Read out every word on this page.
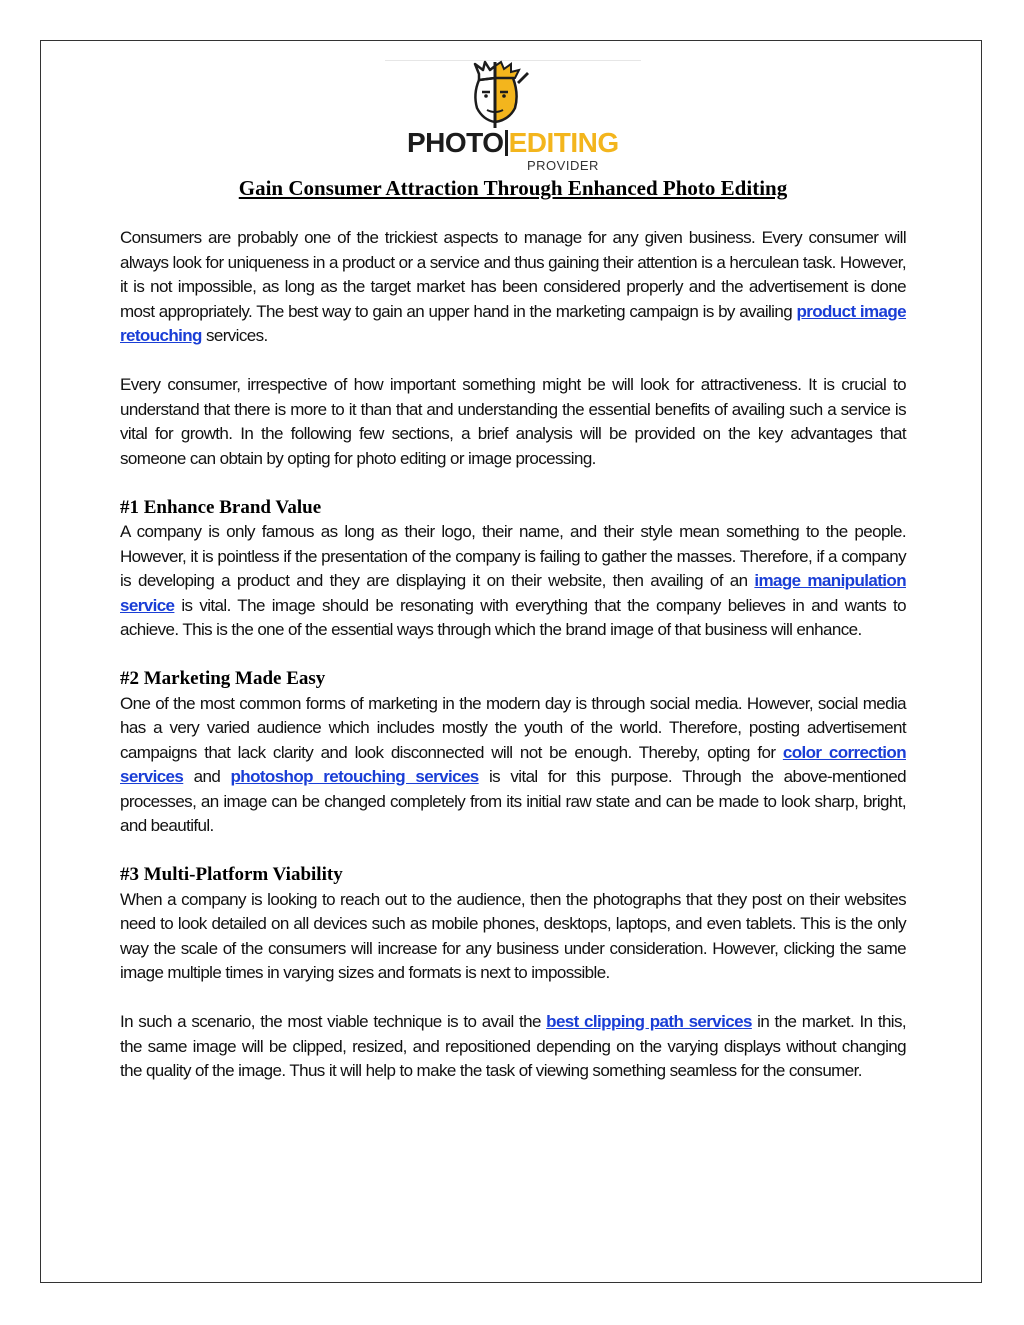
PHOTO EDITING
PROVIDER
Gain Consumer Attraction Through Enhanced Photo Editing

Consumers are probably one of the trickiest aspects to manage for any given business. Every consumer will always look for uniqueness in a product or a service and thus gaining their attention is a herculean task. However, it is not impossible, as long as the target market has been considered properly and the advertisement is done most appropriately. The best way to gain an upper hand in the marketing campaign is by availing product image retouching services.

Every consumer, irrespective of how important something might be will look for attractiveness. It is crucial to understand that there is more to it than that and understanding the essential benefits of availing such a service is vital for growth. In the following few sections, a brief analysis will be provided on the key advantages that someone can obtain by opting for photo editing or image processing.

#1 Enhance Brand Value

A company is only famous as long as their logo, their name, and their style mean something to the people. However, it is pointless if the presentation of the company is failing to gather the masses. Therefore, if a company is developing a product and they are displaying it on their website, then availing of an image manipulation service is vital. The image should be resonating with everything that the company believes in and wants to achieve. This is the one of the essential ways through which the brand image of that business will enhance.

#2 Marketing Made Easy

One of the most common forms of marketing in the modern day is through social media. However, social media has a very varied audience which includes mostly the youth of the world. Therefore, posting advertisement campaigns that lack clarity and look disconnected will not be enough. Thereby, opting for color correction services and photoshop retouching services is vital for this purpose. Through the above-mentioned processes, an image can be changed completely from its initial raw state and can be made to look sharp, bright, and beautiful.

#3 Multi-Platform Viability

When a company is looking to reach out to the audience, then the photographs that they post on their websites need to look detailed on all devices such as mobile phones, desktops, laptops, and even tablets. This is the only way the scale of the consumers will increase for any business under consideration. However, clicking the same image multiple times in varying sizes and formats is next to impossible.

In such a scenario, the most viable technique is to avail the best clipping path services in the market. In this, the same image will be clipped, resized, and repositioned depending on the varying displays without changing the quality of the image. Thus it will help to make the task of viewing something seamless for the consumer.
